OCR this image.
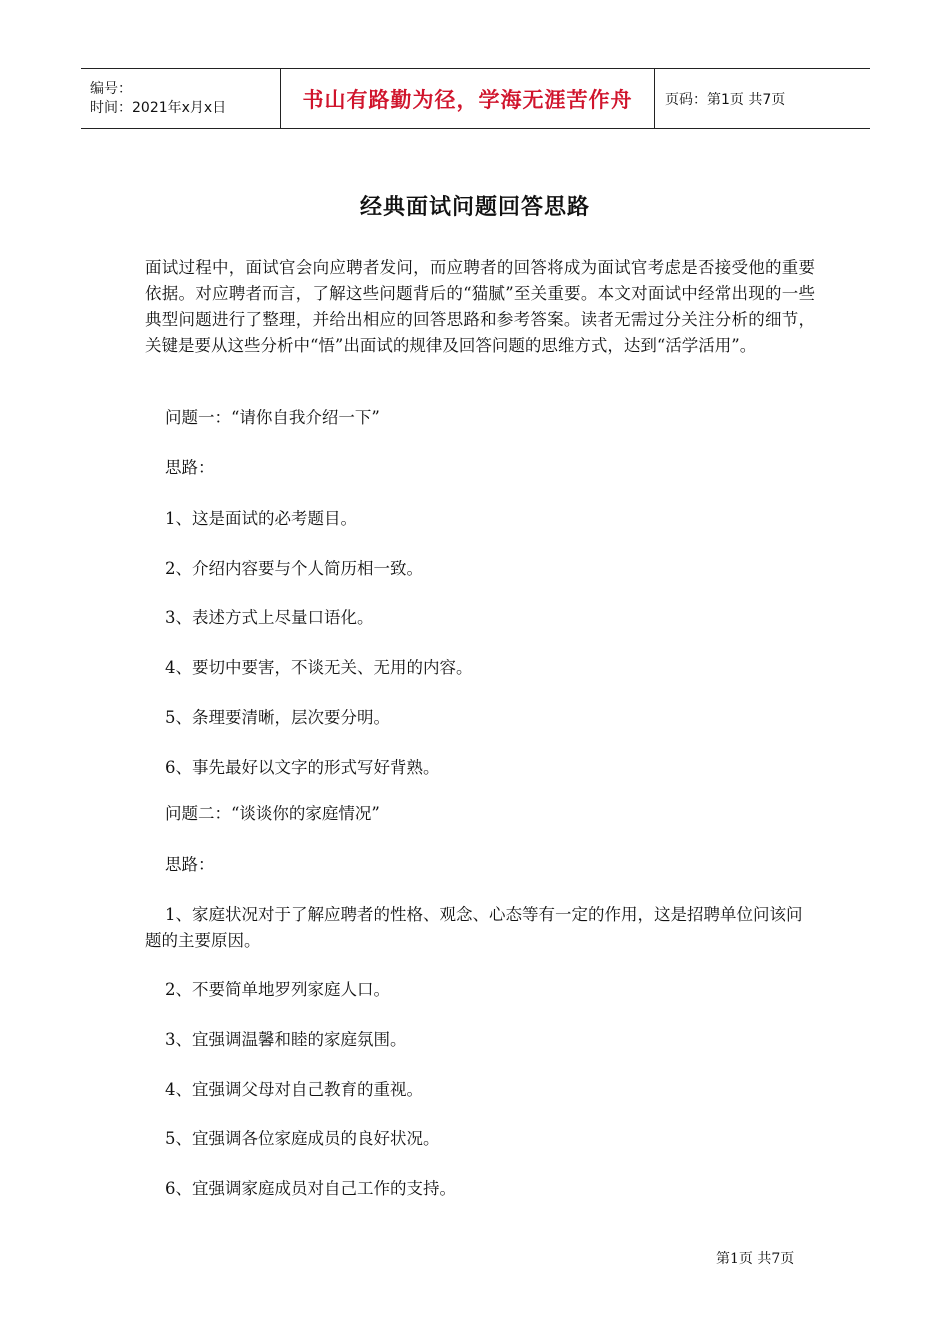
编号：
时间：2021年x月x日	书山有路勤为径，学海无涯苦作舟 页码：第1页 共7页
经典面试问题回答思路
面试过程中，面试官会向应聘者发问，而应聘者的回答将成为面试官考虑是否接受他的重要依据。对应聘者而言，了解这些问题背后的“猫腻”至关重要。本文对面试中经常出现的一些典型问题进行了整理，并给出相应的回答思路和参考答案。读者无需过分关注分析的细节，关键是要从这些分析中“悟”出面试的规律及回答问题的思维方式，达到“活学活用”。
问题一：“请你自我介绍一下”
思路：
1、这是面试的必考题目。
2、介绍内容要与个人简历相一致。
3、表述方式上尽量口语化。
4、要切中要害，不谈无关、无用的内容。
5、条理要清晰，层次要分明。
6、事先最好以文字的形式写好背熟。
问题二：“谈谈你的家庭情况”
思路：
1、家庭状况对于了解应聘者的性格、观念、心态等有一定的作用，这是招聘单位问该问题的主要原因。
2、不要简单地罗列家庭人口。
3、宜强调温馨和睦的家庭氛围。
4、宜强调父母对自己教育的重视。
5、宜强调各位家庭成员的良好状况。
6、宜强调家庭成员对自己工作的支持。
第1页 共7页
